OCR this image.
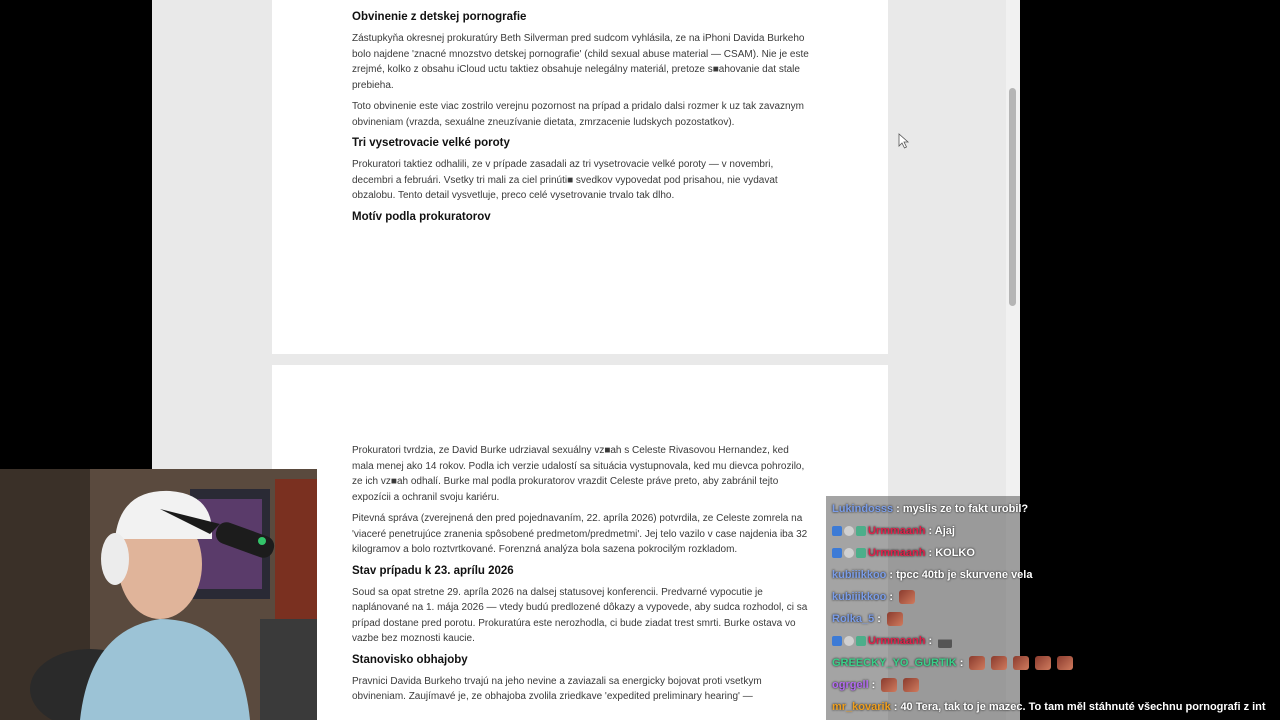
Obvinenie z detskej pornografie

Zástupkyňa okresnej prokuratúry Beth Silverman pred sudcom vyhlásila, ze na iPhoni Davida Burkeho bolo najdene 'znacné mnozstvo detskej pornografie' (child sexual abuse material — CSAM). Nie je este zrejmé, kolko z obsahu iCloud uctu taktiez obsahuje nelegálny materiál, pretoze s■ahovanie dat stale prebieha.

Toto obvinenie este viac zostrilo verejnu pozornost na prípad a pridalo dalsi rozmer k uz tak zavaznym obvineniam (vrazda, sexuálne zneuzívanie dietata, zmrzacenie ludskych pozostatkov).

Tri vysetrovacie velké poroty

Prokuratori taktiez odhalili, ze v prípade zasadali az tri vysetrovacie velké poroty — v novembri, decembri a februári. Vsetky tri mali za ciel prinúti■ svedkov vypovedat pod prisahou, nie vydavat obzalobu. Tento detail vysvetluje, preco celé vysetrovanie trvalo tak dlho.

Motív podla prokuratorov

Prokuratori tvrdzia, ze David Burke udrziaval sexuálny vz■ah s Celeste Rivasovou Hernandez, ked mala menej ako 14 rokov. Podla ich verzie udalostí sa situácia vystupnovala, ked mu dievca pohrozilo, ze ich vz■ah odhalí. Burke mal podla prokuratorov vrazdit Celeste práve preto, aby zabránil tejto expozícii a ochranil svoju kariéru.

Pitevná správa (zverejnená den pred pojednavaním, 22. apríla 2026) potvrdila, ze Celeste zomrela na 'viaceré penetrujúce zranenia spôsobené predmetom/predmetmi'. Jej telo vazilo v case najdenia iba 32 kilogramov a bolo roztvrtkované. Forenzná analýza bola sazena pokrocilým rozkladom.

Stav prípadu k 23. aprílu 2026

Soud sa opat stretne 29. apríla 2026 na dalsej statusovej konferencii. Predvarné vypocutie je naplánované na 1. mája 2026 — vtedy budú predlozené dôkazy a vypovede, aby sudca rozhodol, ci sa prípad dostane pred porotu. Prokuratúra este nerozhodla, ci bude ziadat trest smrti. Burke ostava vo vazbe bez moznosti kaucie.

Stanovisko obhajoby

Pravnici Davida Burkeho trvajú na jeho nevine a zaviazali sa energicky bojovat proti vsetkym obvineniam. Zaujímavé je, ze obhajoba zvolila zriedkave 'expedited preliminary hearing' —

Lukindosss : myslis ze to fakt urobil?
Urmmaanh : Ajaj
Urmmaanh : KOLKO
kubiiikkoo : tpcc 40tb je skurvene vela
kubiiikkoo :
Rolka_5 :
Urmmaanh :
GREECKY_YO_GURTIK :
ogrgell :
mr_kovarik : 40 Tera, tak to je mazec. To tam měl stáhnuté všechnu pornografi z int
